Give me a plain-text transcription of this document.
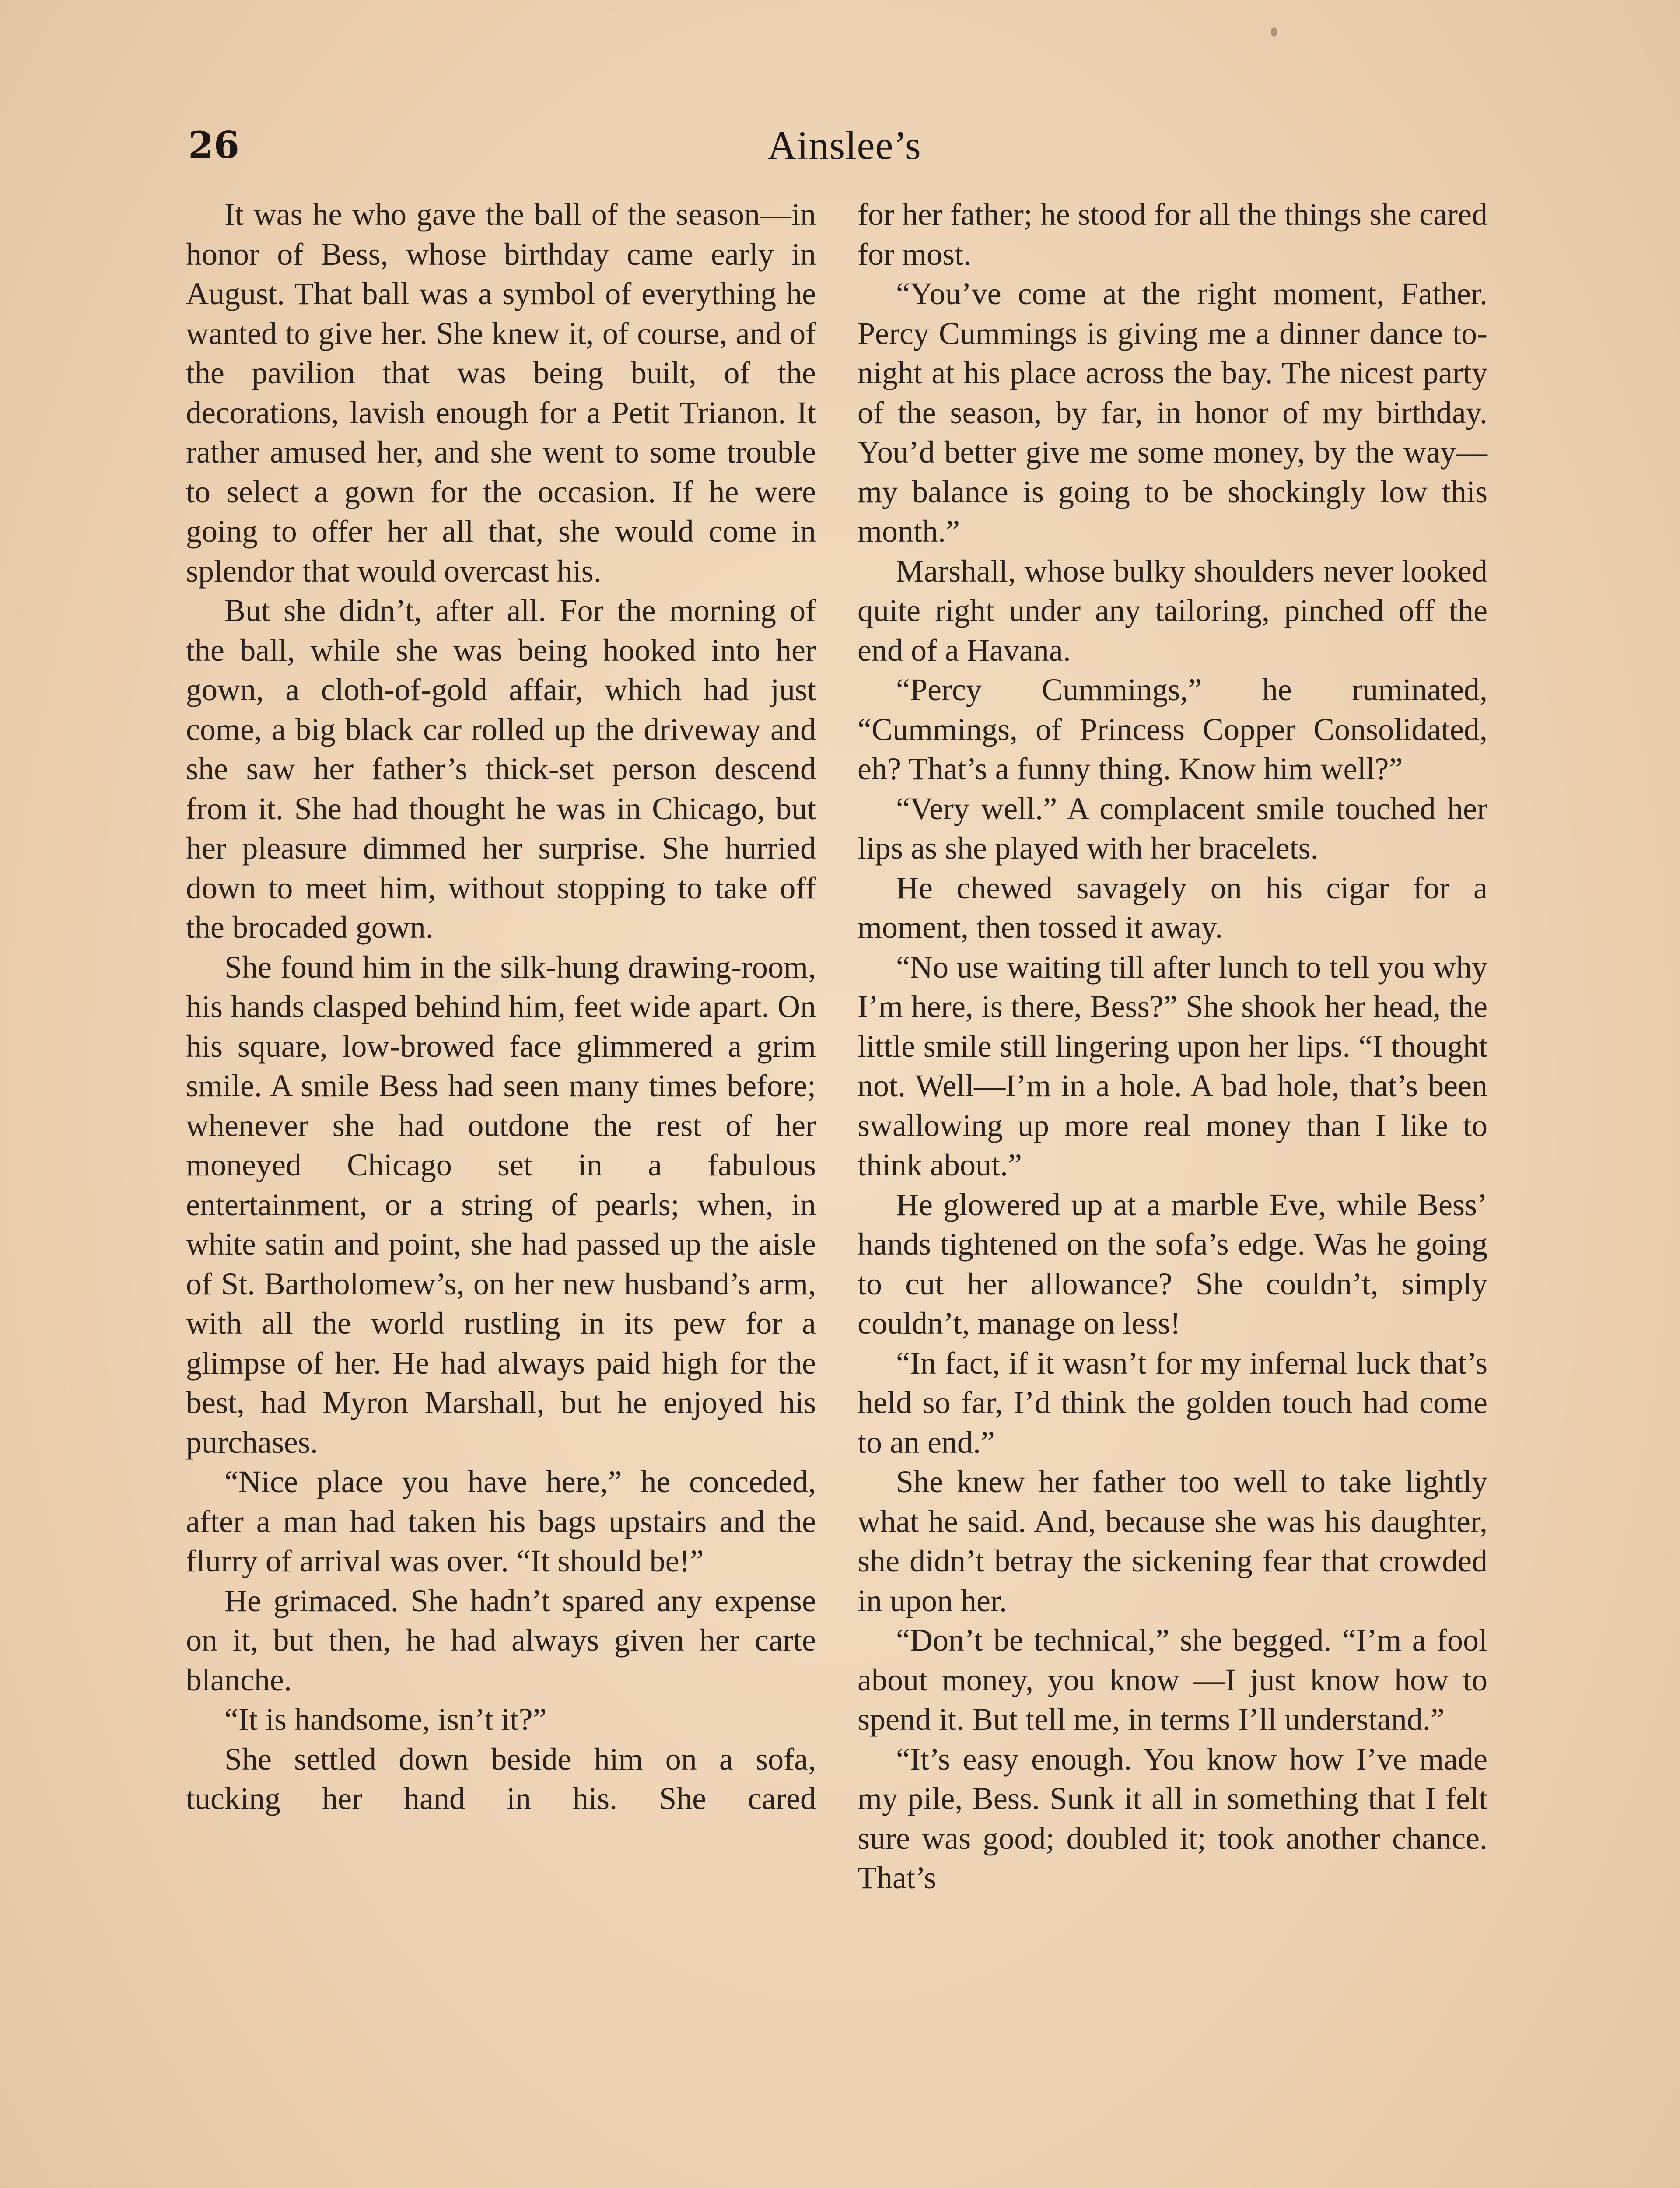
26	Ainslee’s

It was he who gave the ball of the season—in honor of Bess, whose birthday came early in August. That ball was a symbol of everything he wanted to give her. She knew it, of course, and of the pavilion that was being built, of the decorations, lavish enough for a Petit Trianon. It rather amused her, and she went to some trouble to select a gown for the occasion. If he were going to offer her all that, she would come in splendor that would overcast his.

But she didn’t, after all. For the morning of the ball, while she was being hooked into her gown, a cloth-of-gold affair, which had just come, a big black car rolled up the driveway and she saw her father’s thick-set person descend from it. She had thought he was in Chicago, but her pleasure dimmed her surprise. She hurried down to meet him, without stopping to take off the brocaded gown.

She found him in the silk-hung drawing-room, his hands clasped behind him, feet wide apart. On his square, low-browed face glimmered a grim smile. A smile Bess had seen many times before; whenever she had outdone the rest of her moneyed Chicago set in a fabulous entertainment, or a string of pearls; when, in white satin and point, she had passed up the aisle of St. Bartholomew’s, on her new husband’s arm, with all the world rustling in its pew for a glimpse of her. He had always paid high for the best, had Myron Marshall, but he enjoyed his purchases.

“Nice place you have here,” he conceded, after a man had taken his bags upstairs and the flurry of arrival was over. “It should be!”

He grimaced. She hadn’t spared any expense on it, but then, he had always given her carte blanche.

“It is handsome, isn’t it?”

She settled down beside him on a sofa, tucking her hand in his. She cared

for her father; he stood for all the things she cared for most.

“You’ve come at the right moment, Father. Percy Cummings is giving me a dinner dance to-night at his place across the bay. The nicest party of the season, by far, in honor of my birthday. You’d better give me some money, by the way—my balance is going to be shockingly low this month.”

Marshall, whose bulky shoulders never looked quite right under any tailoring, pinched off the end of a Havana.

“Percy Cummings,” he ruminated, “Cummings, of Princess Copper Consolidated, eh? That’s a funny thing. Know him well?”

“Very well.” A complacent smile touched her lips as she played with her bracelets.

He chewed savagely on his cigar for a moment, then tossed it away.

“No use waiting till after lunch to tell you why I’m here, is there, Bess?” She shook her head, the little smile still lingering upon her lips. “I thought not. Well—I’m in a hole. A bad hole, that’s been swallowing up more real money than I like to think about.”

He glowered up at a marble Eve, while Bess’ hands tightened on the sofa’s edge. Was he going to cut her allowance? She couldn’t, simply couldn’t, manage on less!

“In fact, if it wasn’t for my infernal luck that’s held so far, I’d think the golden touch had come to an end.”

She knew her father too well to take lightly what he said. And, because she was his daughter, she didn’t betray the sickening fear that crowded in upon her.

“Don’t be technical,” she begged. “I’m a fool about money, you know —I just know how to spend it. But tell me, in terms I’ll understand.”

“It’s easy enough. You know how I’ve made my pile, Bess. Sunk it all in something that I felt sure was good; doubled it; took another chance. That’s
